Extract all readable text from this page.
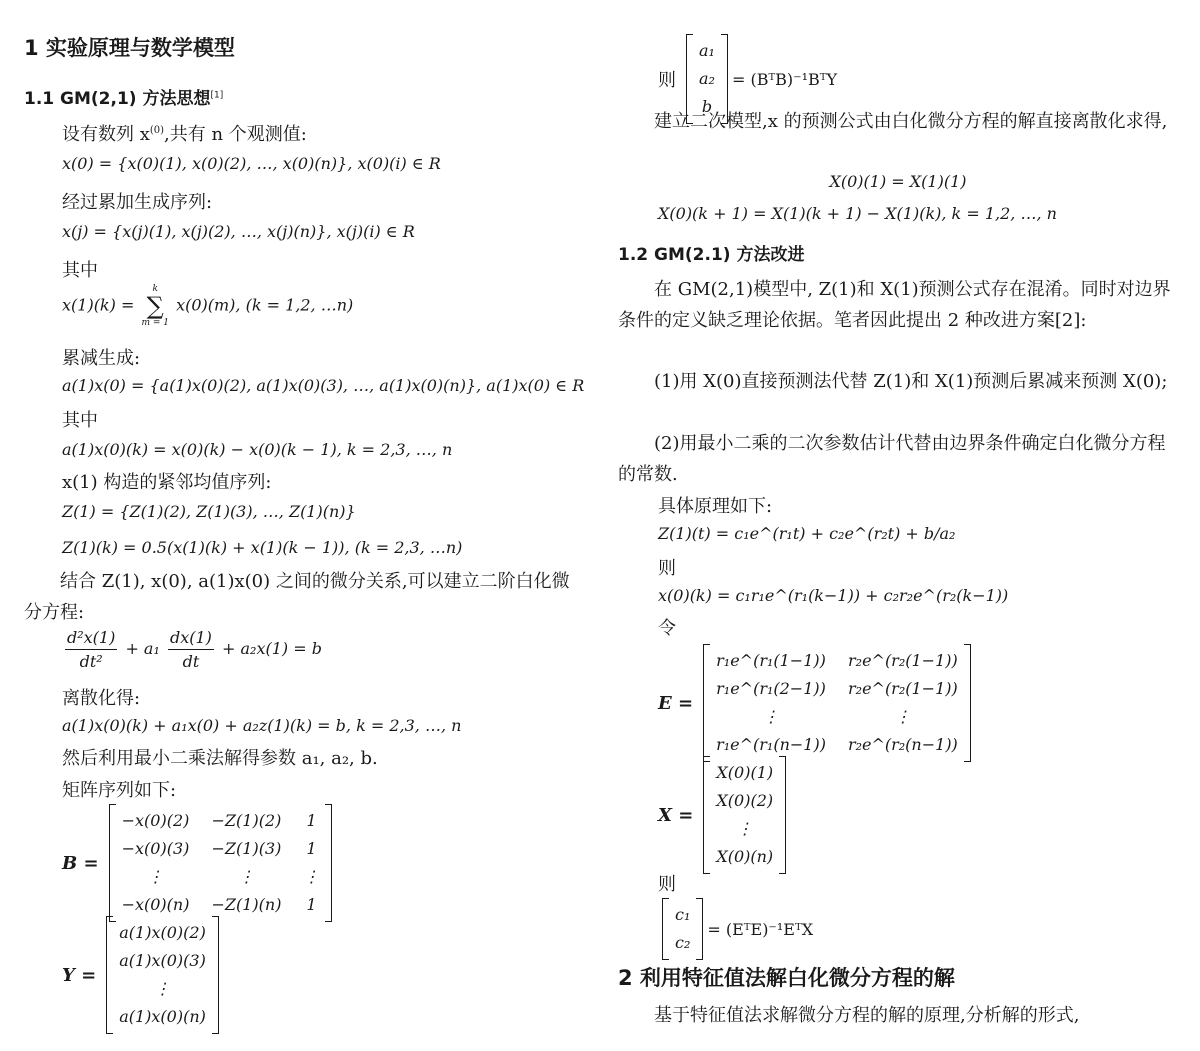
1 实验原理与数学模型
1.1 GM(2,1) 方法思想[1]
设有数列 $x^{(0)}$,共有 n 个观测值:
x(0) = {x(0)(1), x(0)(2), …, x(0)(n)}, x(0)(i) ∈ R
经过累加生成序列:
x(j) = {x(j)(1), x(j)(2), …, x(j)(n)}, x(j)(i) ∈ R
其中
x(1)(k) =
k
∑
m = 1
x(0)(m), (k = 1,2, …n)
累减生成:
a(1)x(0) = {a(1)x(0)(2), a(1)x(0)(3), …, a(1)x(0)(n)}, a(1)x(0) ∈ R
其中
a(1)x(0)(k) = x(0)(k) − x(0)(k − 1), k = 2,3, …, n
x(1) 构造的紧邻均值序列:
Z(1) = {Z(1)(2), Z(1)(3), …, Z(1)(n)}
Z(1)(k) = 0.5(x(1)(k) + x(1)(k − 1)), (k = 2,3, …n)
结合 Z(1), x(0), a(1)x(0) 之间的微分关系,可以建立二阶白化微分方程:
$\frac{\text{d²x(1)}}{\text{dt²}} + a_1 \frac{dx(1)}{dt} + a_2x(1) = b$
离散化得:
a(1)x(0)(k) + a₁x(0) + a₂z(1)(k) = b, k = 2,3, …, n
然后利用最小二乘法解得参数 a₁, a₂, b.
矩阵序列如下:
B =
−x(0)(2) −Z(1)(2) 1
−x(0)(3) −Z(1)(3) 1
⋮	⋮	⋮
−x(0)(n) −Z(1)(n) 1
Y =
a(1)x(0)(2)
a(1)x(0)(3)
⋮
a(1)x(0)(n)
则
a₁
a₂
b
= (BᵀB)⁻¹BᵀY
建立二次模型,x 的预测公式由白化微分方程的解直接离散化求得,
X(0)(1) = X(1)(1)
X(0)(k + 1) = X(1)(k + 1) − X(1)(k), k = 1,2, …, n
1.2 GM(2.1) 方法改进
在 GM(2,1)模型中, Z(1)和 X(1)预测公式存在混淆。同时对边界条件的定义缺乏理论依据。笔者因此提出 2 种改进方案[2]:
(1)用 X(0)直接预测法代替 Z(1)和 X(1)预测后累减来预测 X(0);
(2)用最小二乘的二次参数估计代替由边界条件确定白化微分方程的常数.
具体原理如下:
Z(1)(t) = c₁e^(r₁t) + c₂e^(r₂t) + b/a₂
则
x(0)(k) = c₁r₁e^(r₁(k−1)) + c₂r₂e^(r₂(k−1))
令
E =
r₁e^(r₁(1−1)) r₂e^(r₂(1−1))
r₁e^(r₁(2−1)) r₂e^(r₂(1−1))
⋮	⋮
r₁e^(r₁(n−1)) r₂e^(r₂(n−1))
X =
X(0)(1)
X(0)(2)
⋮
X(0)(n)
则
c₁
c₂
= (EᵀE)⁻¹EᵀX
2 利用特征值法解白化微分方程的解
基于特征值法求解微分方程的解的原理,分析解的形式,
